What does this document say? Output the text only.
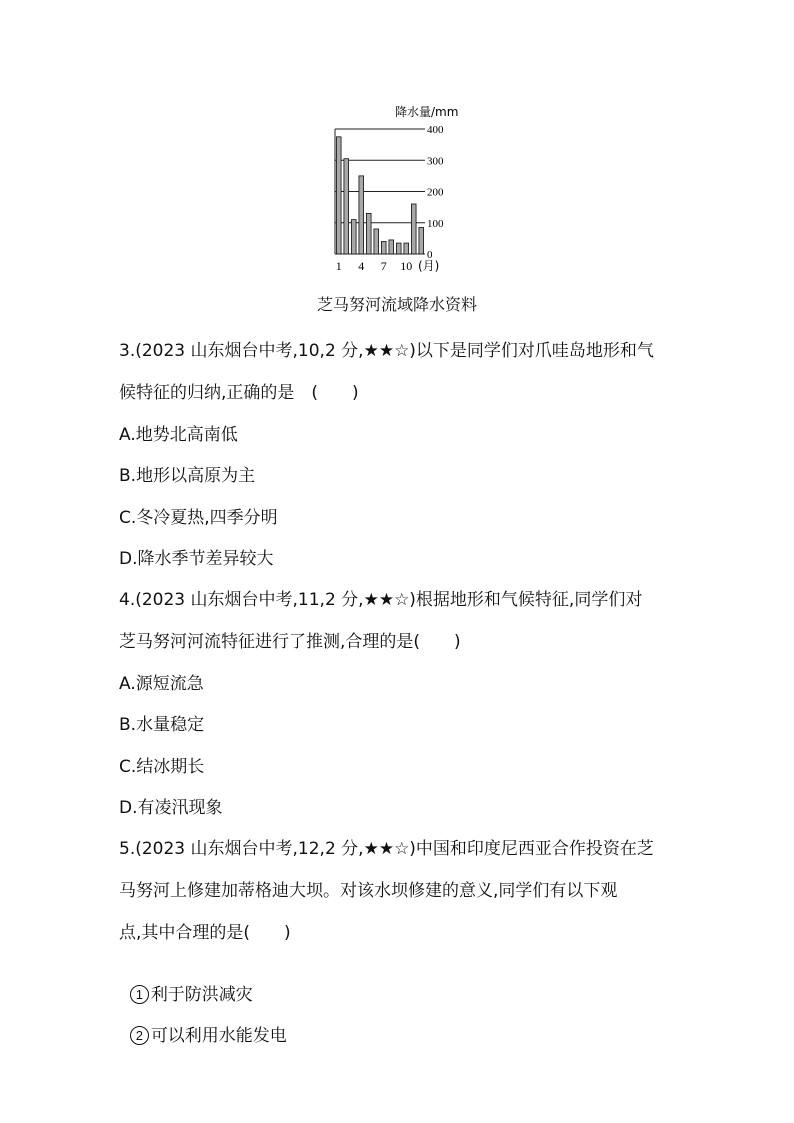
降水量/mm
400
300
200
100
0
1 4 7 10 (月)
芝马努河流域降水资料
3.(2023 山东烟台中考,10,2 分,★★☆)以下是同学们对爪哇岛地形和气
候特征的归纳,正确的是　(　　)
A.地势北高南低
B.地形以高原为主
C.冬冷夏热,四季分明
D.降水季节差异较大
4.(2023 山东烟台中考,11,2 分,★★☆)根据地形和气候特征,同学们对
芝马努河河流特征进行了推测,合理的是(　　)
A.源短流急
B.水量稳定
C.结冰期长
D.有凌汛现象
5.(2023 山东烟台中考,12,2 分,★★☆)中国和印度尼西亚合作投资在芝
马努河上修建加蒂格迪大坝。对该水坝修建的意义,同学们有以下观
点,其中合理的是(　　)

1 利于防洪减灾

2 可以利用水能发电
